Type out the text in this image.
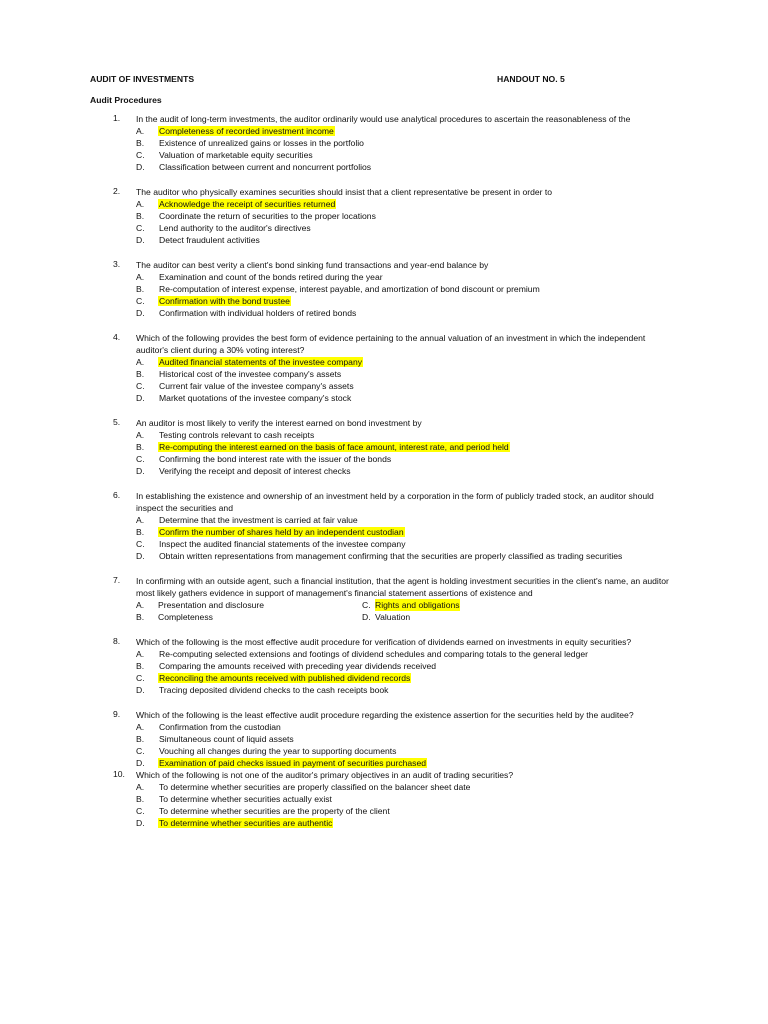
AUDIT OF INVESTMENTS	HANDOUT NO. 5
Audit Procedures
1. In the audit of long-term investments, the auditor ordinarily would use analytical procedures to ascertain the reasonableness of the
A. Completeness of recorded investment income
B. Existence of unrealized gains or losses in the portfolio
C. Valuation of marketable equity securities
D. Classification between current and noncurrent portfolios
2. The auditor who physically examines securities should insist that a client representative be present in order to
A. Acknowledge the receipt of securities returned
B. Coordinate the return of securities to the proper locations
C. Lend authority to the auditor's directives
D. Detect fraudulent activities
3. The auditor can best verity a client's bond sinking fund transactions and year-end balance by
A. Examination and count of the bonds retired during the year
B. Re-computation of interest expense, interest payable, and amortization of bond discount or premium
C. Confirmation with the bond trustee
D. Confirmation with individual holders of retired bonds
4. Which of the following provides the best form of evidence pertaining to the annual valuation of an investment in which the independent auditor's client during a 30% voting interest?
A. Audited financial statements of the investee company
B. Historical cost of the investee company's assets
C. Current fair value of the investee company's assets
D. Market quotations of the investee company's stock
5. An auditor is most likely to verify the interest earned on bond investment by
A. Testing controls relevant to cash receipts
B. Re-computing the interest earned on the basis of face amount, interest rate, and period held
C. Confirming the bond interest rate with the issuer of the bonds
D. Verifying the receipt and deposit of interest checks
6. In establishing the existence and ownership of an investment held by a corporation in the form of publicly traded stock, an auditor should inspect the securities and
A. Determine that the investment is carried at fair value
B. Confirm the number of shares held by an independent custodian
C. Inspect the audited financial statements of the investee company
D. Obtain written representations from management confirming that the securities are properly classified as trading securities
7. In confirming with an outside agent, such a financial institution, that the agent is holding investment securities in the client's name, an auditor most likely gathers evidence in support of management's financial statement assertions of existence and
A. Presentation and disclosure	C. Rights and obligations
B. Completeness	D. Valuation
8. Which of the following is the most effective audit procedure for verification of dividends earned on investments in equity securities?
A. Re-computing selected extensions and footings of dividend schedules and comparing totals to the general ledger
B. Comparing the amounts received with preceding year dividends received
C. Reconciling the amounts received with published dividend records
D. Tracing deposited dividend checks to the cash receipts book
9. Which of the following is the least effective audit procedure regarding the existence assertion for the securities held by the auditee?
A. Confirmation from the custodian
B. Simultaneous count of liquid assets
C. Vouching all changes during the year to supporting documents
D. Examination of paid checks issued in payment of securities purchased
10. Which of the following is not one of the auditor's primary objectives in an audit of trading securities?
A. To determine whether securities are properly classified on the balancer sheet date
B. To determine whether securities actually exist
C. To determine whether securities are the property of the client
D. To determine whether securities are authentic
